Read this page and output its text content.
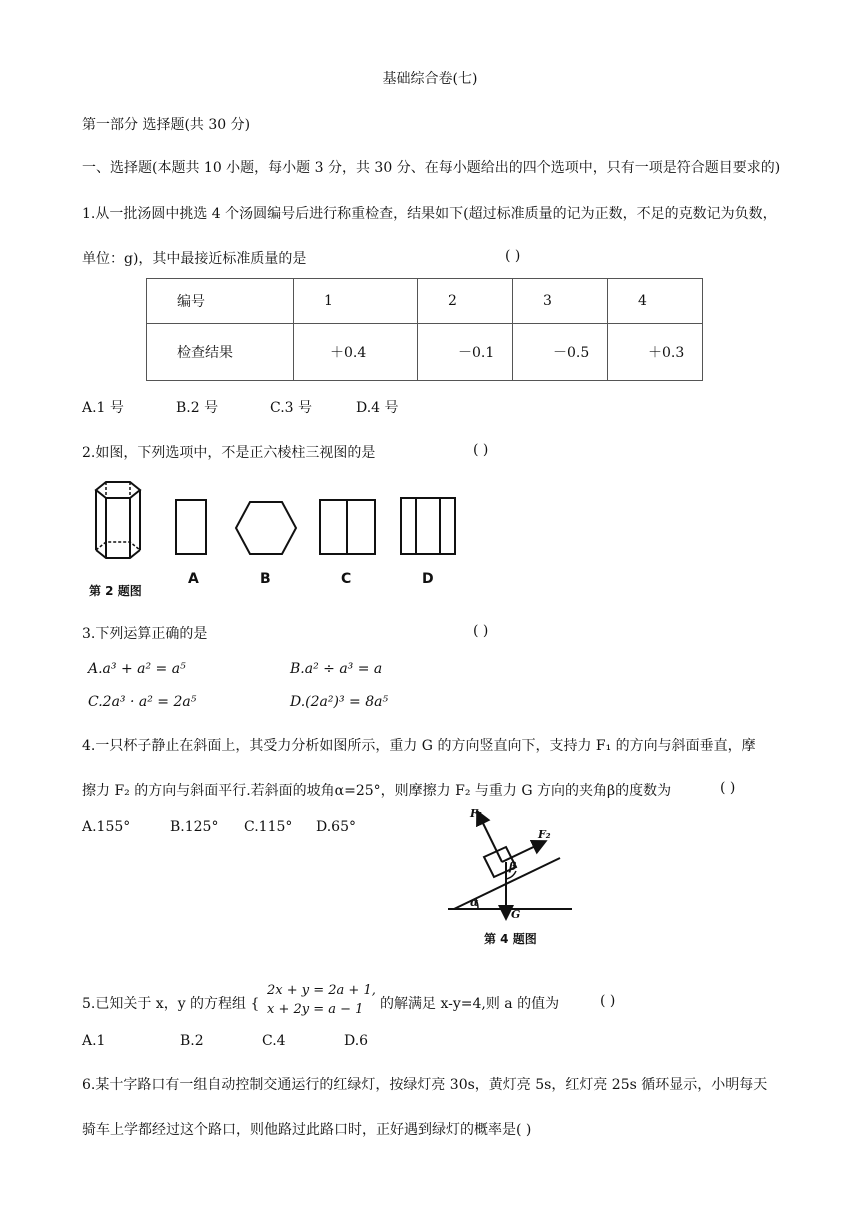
基础综合卷(七)
第一部分 选择题(共 30 分)
一、选择题(本题共 10 小题，每小题 3 分，共 30 分、在每小题给出的四个选项中，只有一项是符合题目要求的)
1.从一批汤圆中挑选 4 个汤圆编号后进行称重检查，结果如下(超过标准质量的记为正数，不足的克数记为负数，
单位：g)，其中最接近标准质量的是	( )
编号	1	2	3	4
检查结果	＋0.4	－0.1	－0.5	＋0.3
A.1 号	B.2 号	C.3 号	D.4 号
2.如图，下列选项中，不是正六棱柱三视图的是	( )
第 2 题图
A	B	C	D
3.下列运算正确的是	( )
A.a³ + a² = a⁵	B.a² ÷ a³ = a
C.2a³ · a² = 2a⁵	D.(2a²)³ = 8a⁵
4.一只杯子静止在斜面上，其受力分析如图所示，重力 G 的方向竖直向下，支持力 F₁ 的方向与斜面垂直，摩
擦力 F₂ 的方向与斜面平行.若斜面的坡角α=25°，则摩擦力 F₂ 与重力 G 方向的夹角β的度数为	( )
A.155°	B.125° C.115° D.65°
F₁
F₂
β
α
G
第 4 题图
5.已知关于 x，y 的方程组 {
2x + y = 2a + 1,
x + 2y = a − 1 的解满足 x-y=4,则 a 的值为	( )
A.1	B.2	C.4	D.6
6.某十字路口有一组自动控制交通运行的红绿灯，按绿灯亮 30s，黄灯亮 5s，红灯亮 25s 循环显示，小明每天
骑车上学都经过这个路口，则他路过此路口时，正好遇到绿灯的概率是( )
